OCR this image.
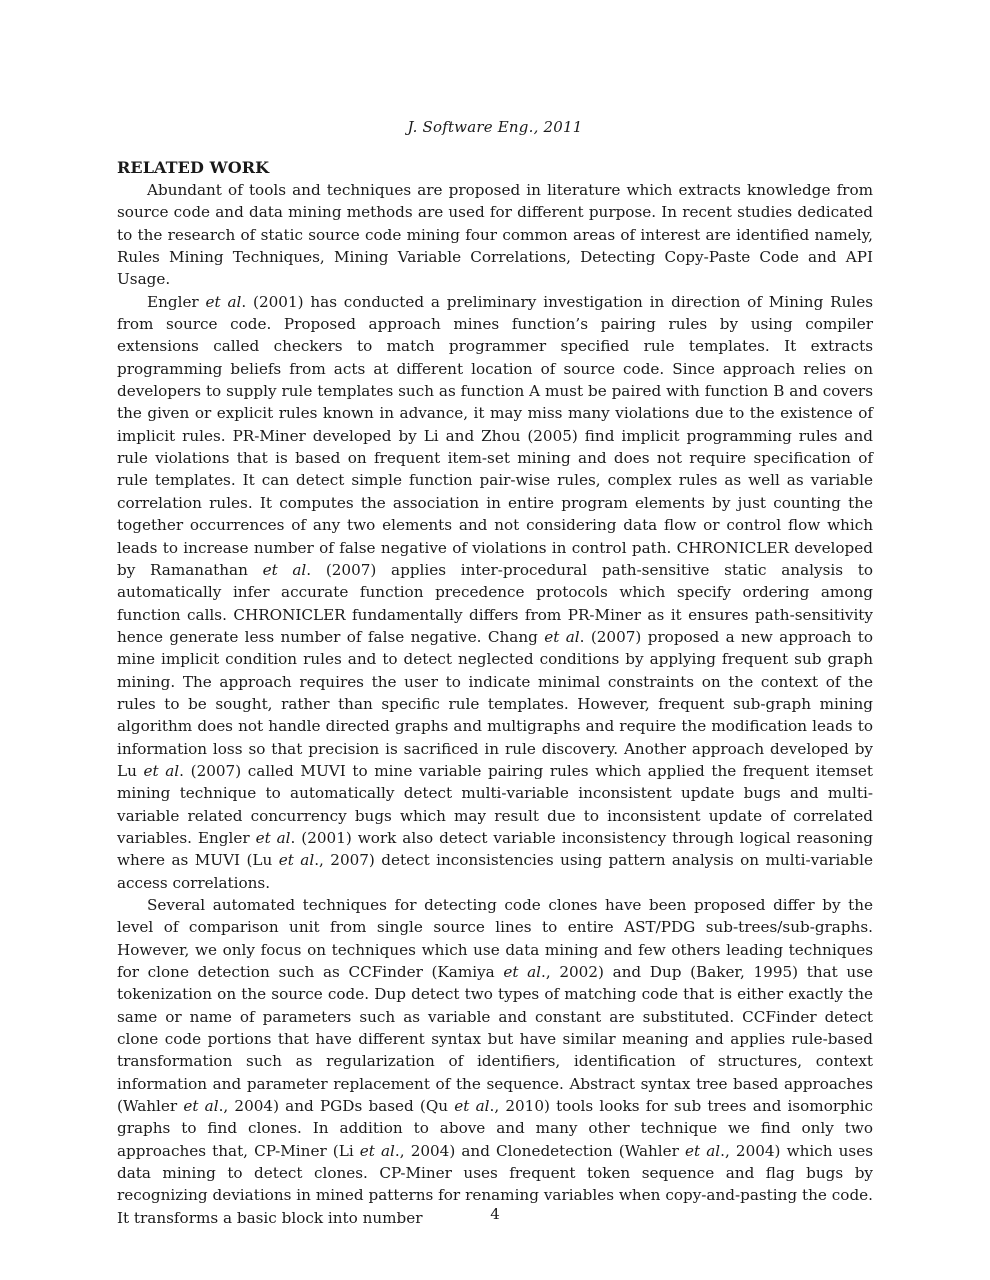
J. Software Eng., 2011
RELATED WORK

Abundant of tools and techniques are proposed in literature which extracts knowledge from source code and data mining methods are used for different purpose. In recent studies dedicated to the research of static source code mining four common areas of interest are identified namely, Rules Mining Techniques, Mining Variable Correlations, Detecting Copy-Paste Code and API Usage.

Engler et al. (2001) has conducted a preliminary investigation in direction of Mining Rules from source code. Proposed approach mines function’s pairing rules by using compiler extensions called checkers to match programmer specified rule templates. It extracts programming beliefs from acts at different location of source code. Since approach relies on developers to supply rule templates such as function A must be paired with function B and covers the given or explicit rules known in advance, it may miss many violations due to the existence of implicit rules. PR-Miner developed by Li and Zhou (2005) find implicit programming rules and rule violations that is based on frequent item-set mining and does not require specification of rule templates. It can detect simple function pair-wise rules, complex rules as well as variable correlation rules. It computes the association in entire program elements by just counting the together occurrences of any two elements and not considering data flow or control flow which leads to increase number of false negative of violations in control path. CHRONICLER developed by Ramanathan et al. (2007) applies inter-procedural path-sensitive static analysis to automatically infer accurate function precedence protocols which specify ordering among function calls. CHRONICLER fundamentally differs from PR-Miner as it ensures path-sensitivity hence generate less number of false negative. Chang et al. (2007) proposed a new approach to mine implicit condition rules and to detect neglected conditions by applying frequent sub graph mining. The approach requires the user to indicate minimal constraints on the context of the rules to be sought, rather than specific rule templates. However, frequent sub-graph mining algorithm does not handle directed graphs and multigraphs and require the modification leads to information loss so that precision is sacrificed in rule discovery. Another approach developed by Lu et al. (2007) called MUVI to mine variable pairing rules which applied the frequent itemset mining technique to automatically detect multi-variable inconsistent update bugs and multi-variable related concurrency bugs which may result due to inconsistent update of correlated variables. Engler et al. (2001) work also detect variable inconsistency through logical reasoning where as MUVI (Lu et al., 2007) detect inconsistencies using pattern analysis on multi-variable access correlations.

Several automated techniques for detecting code clones have been proposed differ by the level of comparison unit from single source lines to entire AST/PDG sub-trees/sub-graphs. However, we only focus on techniques which use data mining and few others leading techniques for clone detection such as CCFinder (Kamiya et al., 2002) and Dup (Baker, 1995) that use tokenization on the source code. Dup detect two types of matching code that is either exactly the same or name of parameters such as variable and constant are substituted. CCFinder detect clone code portions that have different syntax but have similar meaning and applies rule-based transformation such as regularization of identifiers, identification of structures, context information and parameter replacement of the sequence. Abstract syntax tree based approaches (Wahler et al., 2004) and PGDs based (Qu et al., 2010) tools looks for sub trees and isomorphic graphs to find clones. In addition to above and many other technique we find only two approaches that, CP-Miner (Li et al., 2004) and Clonedetection (Wahler et al., 2004) which uses data mining to detect clones. CP-Miner uses frequent token sequence and flag bugs by recognizing deviations in mined patterns for renaming variables when copy-and-pasting the code. It transforms a basic block into number	4
